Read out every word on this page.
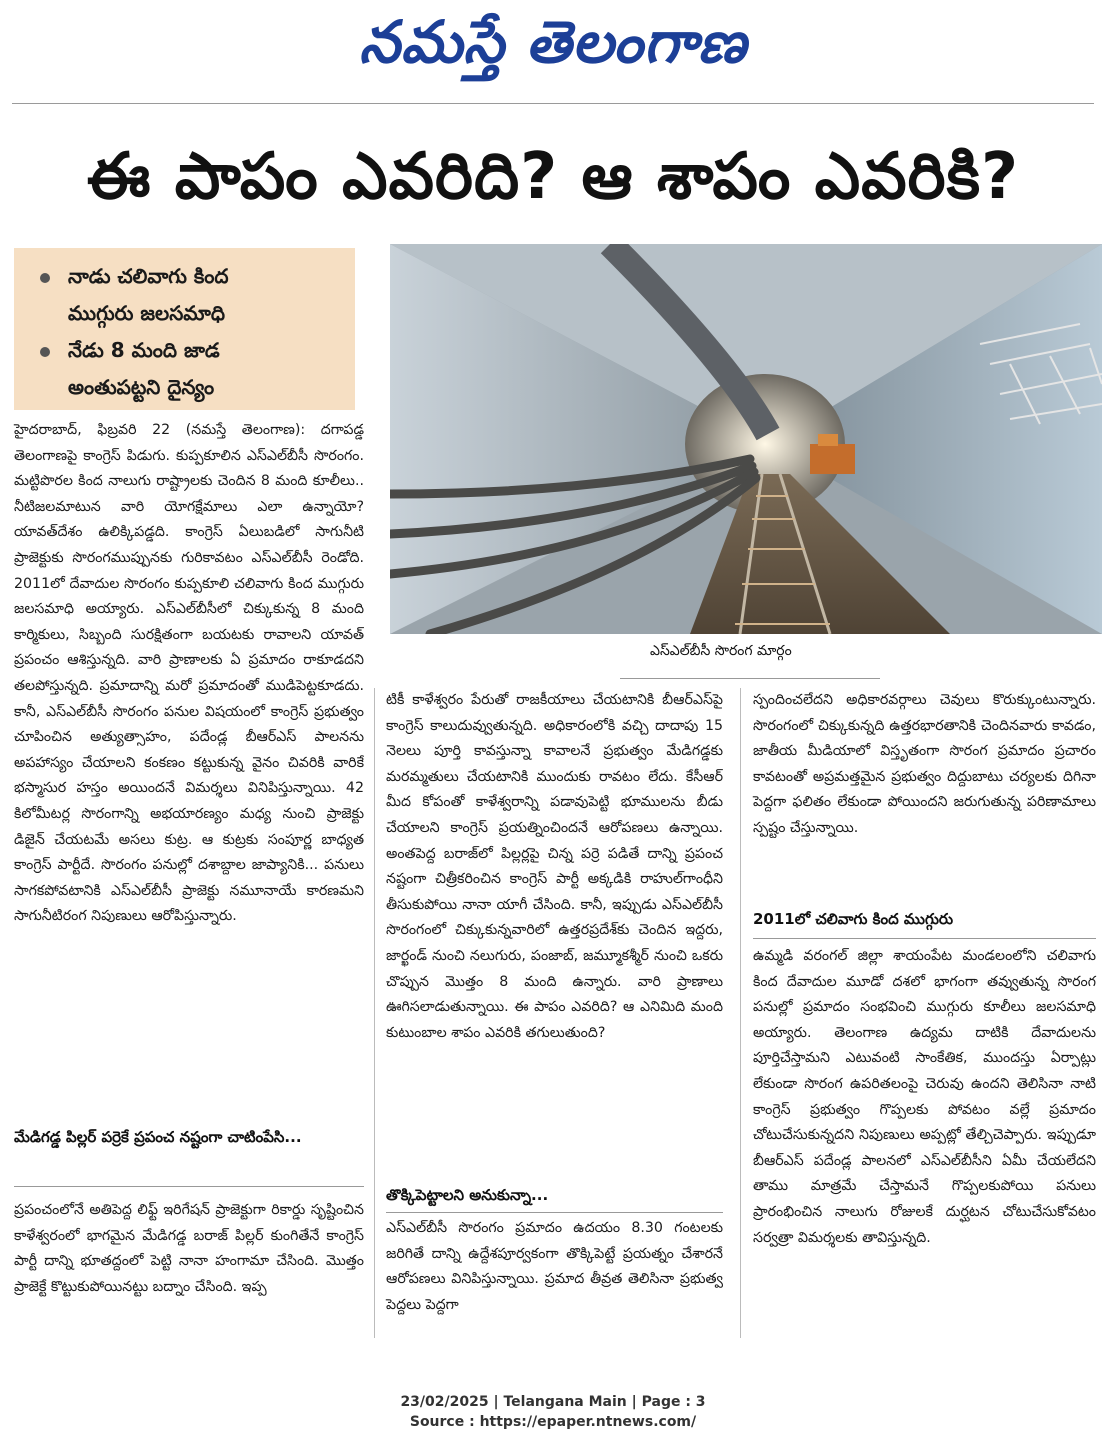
నమస్తే తెలంగాణ
ఈ పాపం ఎవరిది? ఆ శాపం ఎవరికి?
నాడు చలివాగు కింద
ముగ్గురు జలసమాధి
నేడు 8 మంది జాడ
అంతుపట్టని దైన్యం
ఎస్‌ఎల్‌బీసీ సొరంగ మార్గం
హైదరాబాద్, ఫిబ్రవరి 22 (నమస్తే తెలంగాణ): దగాపడ్డ తెలంగాణపై కాంగ్రెస్ పిడుగు. కుప్పకూలిన ఎస్‌ఎల్‌బీసీ సొరంగం. మట్టిపొరల కింద నాలుగు రాష్ట్రాలకు చెందిన 8 మంది కూలీలు.. నీటిజలమాటున వారి యోగక్షేమాలు ఎలా ఉన్నాయో? యావత్‌దేశం ఉలిక్కిపడ్డది. కాంగ్రెస్ ఏలుబడిలో సాగునీటి ప్రాజెక్టుకు సొరంగముప్పునకు గురికావటం ఎస్‌ఎల్‌బీసీ రెండోది. 2011లో దేవాదుల సొరంగం కుప్పకూలి చలివాగు కింద ముగ్గురు జలసమాధి అయ్యారు. ఎస్‌ఎల్‌బీసీలో చిక్కుకున్న 8 మంది కార్మికులు, సిబ్బంది సురక్షితంగా బయటకు రావాలని యావత్ ప్రపంచం ఆశిస్తున్నది. వారి ప్రాణాలకు ఏ ప్రమాదం రాకూడదని తలపోస్తున్నది. ప్రమాదాన్ని మరో ప్రమాదంతో ముడిపెట్టకూడదు. కానీ, ఎస్‌ఎల్‌బీసీ సొరంగం పనుల విషయంలో కాంగ్రెస్ ప్రభుత్వం చూపించిన అత్యుత్సాహం, పదేండ్ల బీఆర్‌ఎస్ పాలనను అపహాస్యం చేయాలని కంకణం కట్టుకున్న వైనం చివరికి వారికే భస్మాసుర హస్తం అయిందనే విమర్శలు వినిపిస్తున్నాయి. 42 కిలోమీటర్ల సొరంగాన్ని అభయారణ్యం మధ్య నుంచి ప్రాజెక్టు డిజైన్ చేయటమే అసలు కుట్ర. ఆ కుట్రకు సంపూర్ణ బాధ్యత కాంగ్రెస్ పార్టీదే. సొరంగం పనుల్లో దశాబ్దాల జాప్యానికి... పనులు సాగకపోవటానికి ఎస్‌ఎల్‌బీసీ ప్రాజెక్టు నమూనాయే కారణమని సాగునీటిరంగ నిపుణులు ఆరోపిస్తున్నారు.
మేడిగడ్డ పిల్లర్ పర్రెకే ప్రపంచ నష్టంగా చాటింపేసి...
ప్రపంచంలోనే అతిపెద్ద లిఫ్ట్ ఇరిగేషన్ ప్రాజెక్టుగా రికార్డు సృష్టించిన కాళేశ్వరంలో భాగమైన మేడిగడ్డ బరాజ్ పిల్లర్ కుంగితేనే కాంగ్రెస్ పార్టీ దాన్ని భూతద్దంలో పెట్టి నానా హంగామా చేసింది. మొత్తం ప్రాజెక్టే కొట్టుకుపోయినట్టు బద్నాం చేసింది. ఇప్ప
టికీ కాళేశ్వరం పేరుతో రాజకీయాలు చేయటానికి బీఆర్‌ఎస్‌పై కాంగ్రెస్ కాలుదువ్వుతున్నది. అధికారంలోకి వచ్చి దాదాపు 15 నెలలు పూర్తి కావస్తున్నా కావాలనే ప్రభుత్వం మేడిగడ్డకు మరమ్మతులు చేయటానికి ముందుకు రావటం లేదు. కేసీఆర్ మీద కోపంతో కాళేశ్వరాన్ని పడావుపెట్టి భూములను బీడు చేయాలని కాంగ్రెస్ ప్రయత్నించిందనే ఆరోపణలు ఉన్నాయి. అంతపెద్ద బరాజ్‌లో పిల్లర్లపై చిన్న పర్రె పడితే దాన్ని ప్రపంచ నష్టంగా చిత్రీకరించిన కాంగ్రెస్ పార్టీ అక్కడికి రాహుల్‌గాంధీని తీసుకుపోయి నానా యాగీ చేసింది. కానీ, ఇప్పుడు ఎస్‌ఎల్‌బీసీ సొరంగంలో చిక్కుకున్నవారిలో ఉత్తరప్రదేశ్‌కు చెందిన ఇద్దరు, జార్ఖండ్ నుంచి నలుగురు, పంజాబ్, జమ్మూకశ్మీర్ నుంచి ఒకరు చొప్పున మొత్తం 8 మంది ఉన్నారు. వారి ప్రాణాలు ఊగిసలాడుతున్నాయి. ఈ పాపం ఎవరిది? ఆ ఎనిమిది మంది కుటుంబాల శాపం ఎవరికి తగులుతుంది?
తొక్కిపెట్టాలని అనుకున్నా...
ఎస్‌ఎల్‌బీసీ సొరంగం ప్రమాదం ఉదయం 8.30 గంటలకు జరిగితే దాన్ని ఉద్దేశపూర్వకంగా తొక్కిపెట్టే ప్రయత్నం చేశారనే ఆరోపణలు వినిపిస్తున్నాయి. ప్రమాద తీవ్రత తెలిసినా ప్రభుత్వ పెద్దలు పెద్దగా
స్పందించలేదని అధికారవర్గాలు చెవులు కొరుక్కుంటున్నారు. సొరంగంలో చిక్కుకున్నది ఉత్తరభారతానికి చెందినవారు కావడం, జాతీయ మీడియాలో విస్తృతంగా సొరంగ ప్రమాదం ప్రచారం కావటంతో అప్రమత్తమైన ప్రభుత్వం దిద్దుబాటు చర్యలకు దిగినా పెద్దగా ఫలితం లేకుండా పోయిందని జరుగుతున్న పరిణామాలు స్పష్టం చేస్తున్నాయి.
2011లో చలివాగు కింద ముగ్గురు
ఉమ్మడి వరంగల్ జిల్లా శాయంపేట మండలంలోని చలివాగు కింద దేవాదుల మూడో దశలో భాగంగా తవ్వుతున్న సొరంగ పనుల్లో ప్రమాదం సంభవించి ముగ్గురు కూలీలు జలసమాధి అయ్యారు. తెలంగాణ ఉద్యమ దాటికి దేవాదులను పూర్తిచేస్తామని ఎటువంటి సాంకేతిక, ముందస్తు ఏర్పాట్లు లేకుండా సొరంగ ఉపరితలంపై చెరువు ఉందని తెలిసినా నాటి కాంగ్రెస్ ప్రభుత్వం గొప్పలకు పోవటం వల్లే ప్రమాదం చోటుచేసుకున్నదని నిపుణులు అప్పట్లో తేల్చిచెప్పారు. ఇప్పుడూ బీఆర్‌ఎస్ పదేండ్ల పాలనలో ఎస్‌ఎల్‌బీసీని ఏమీ చేయలేదని తాము మాత్రమే చేస్తామనే గొప్పలకుపోయి పనులు ప్రారంభించిన నాలుగు రోజులకే దుర్ఘటన చోటుచేసుకోవటం సర్వత్రా విమర్శలకు తావిస్తున్నది.
23/02/2025 | Telangana Main | Page : 3
Source : https://epaper.ntnews.com/
